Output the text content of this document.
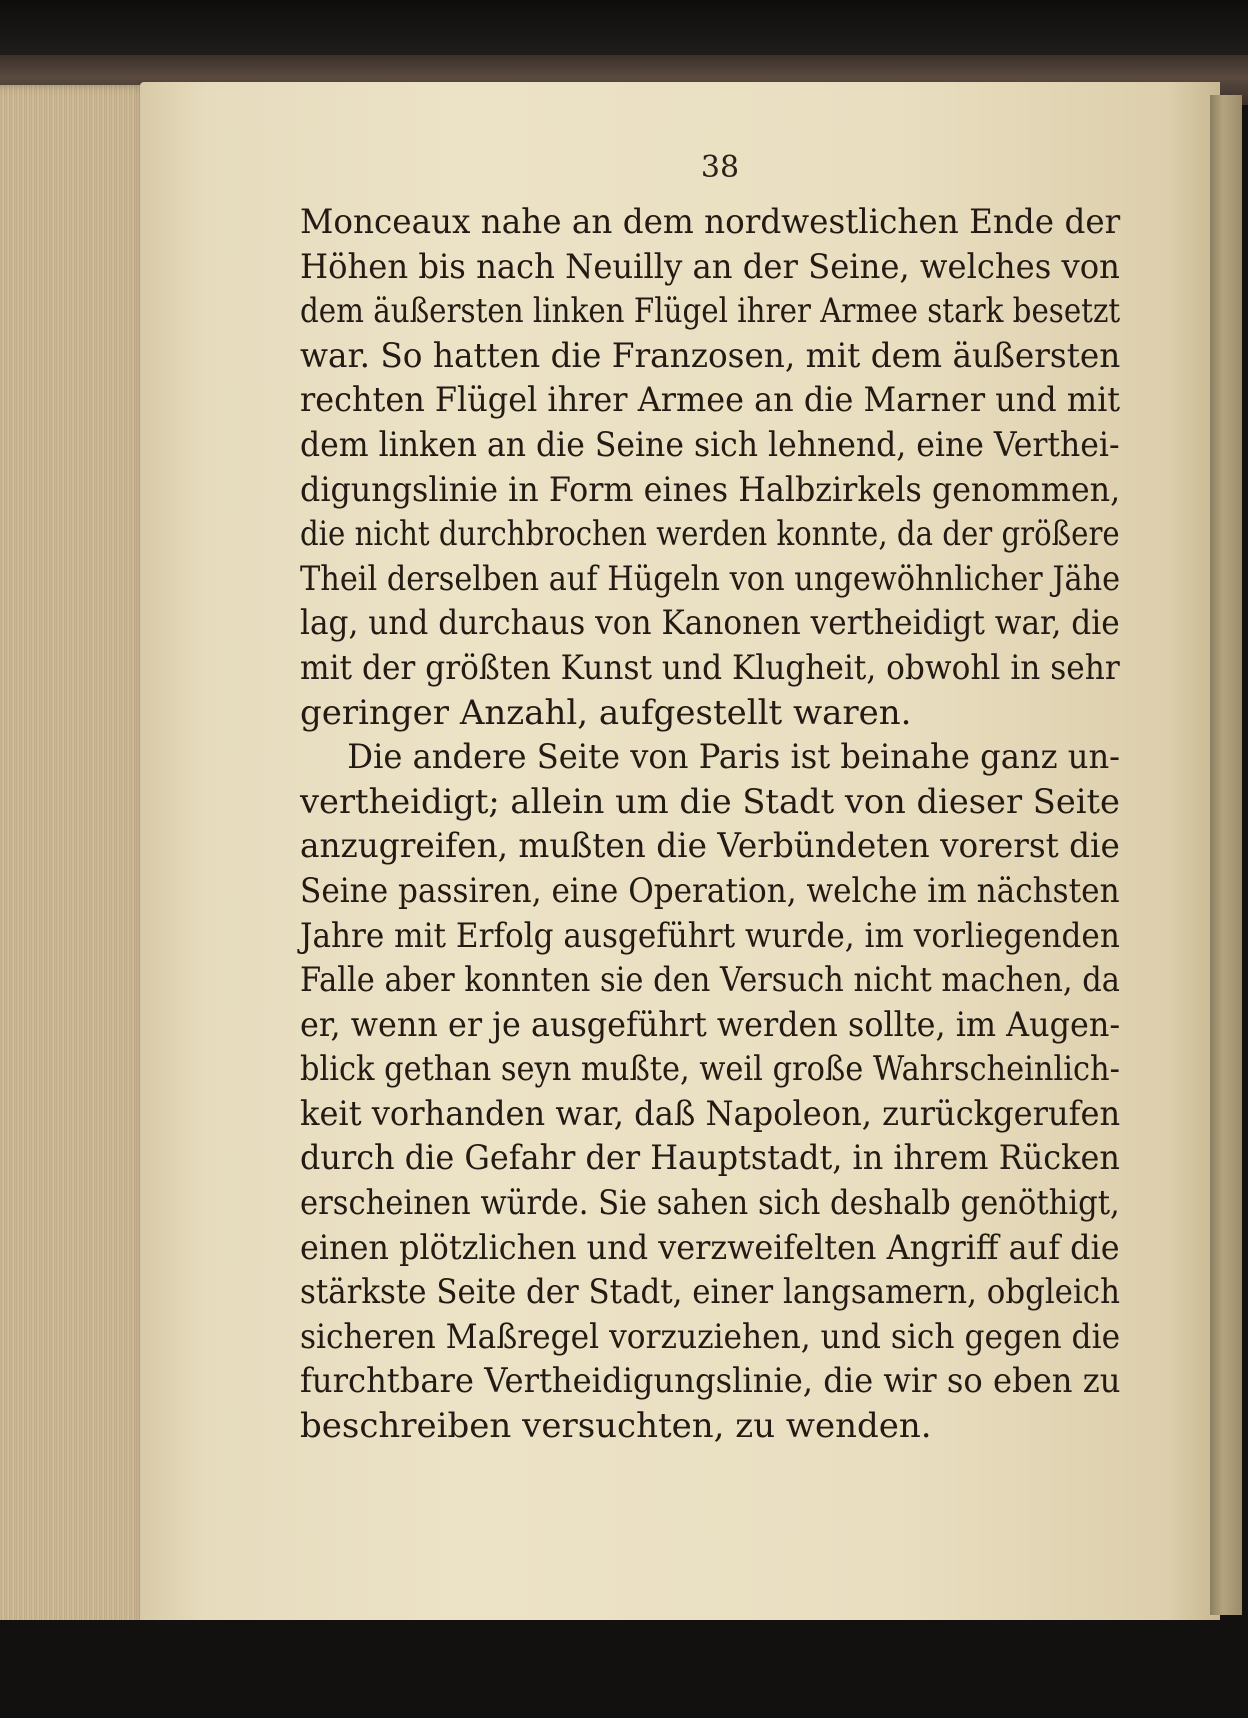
38
Monceaux nahe an dem nordwestlichen Ende der
Höhen bis nach Neuilly an der Seine, welches von
dem äußersten linken Flügel ihrer Armee stark besetzt
war. So hatten die Franzosen, mit dem äußersten
rechten Flügel ihrer Armee an die Marner und mit
dem linken an die Seine sich lehnend, eine Verthei-
digungslinie in Form eines Halbzirkels genommen,
die nicht durchbrochen werden konnte, da der größere
Theil derselben auf Hügeln von ungewöhnlicher Jähe
lag, und durchaus von Kanonen vertheidigt war, die
mit der größten Kunst und Klugheit, obwohl in sehr
geringer Anzahl, aufgestellt waren.
Die andere Seite von Paris ist beinahe ganz un-
vertheidigt; allein um die Stadt von dieser Seite
anzugreifen, mußten die Verbündeten vorerst die
Seine passiren, eine Operation, welche im nächsten
Jahre mit Erfolg ausgeführt wurde, im vorliegenden
Falle aber konnten sie den Versuch nicht machen, da
er, wenn er je ausgeführt werden sollte, im Augen-
blick gethan seyn mußte, weil große Wahrscheinlich-
keit vorhanden war, daß Napoleon, zurückgerufen
durch die Gefahr der Hauptstadt, in ihrem Rücken
erscheinen würde. Sie sahen sich deshalb genöthigt,
einen plötzlichen und verzweifelten Angriff auf die
stärkste Seite der Stadt, einer langsamern, obgleich
sicheren Maßregel vorzuziehen, und sich gegen die
furchtbare Vertheidigungslinie, die wir so eben zu
beschreiben versuchten, zu wenden.
